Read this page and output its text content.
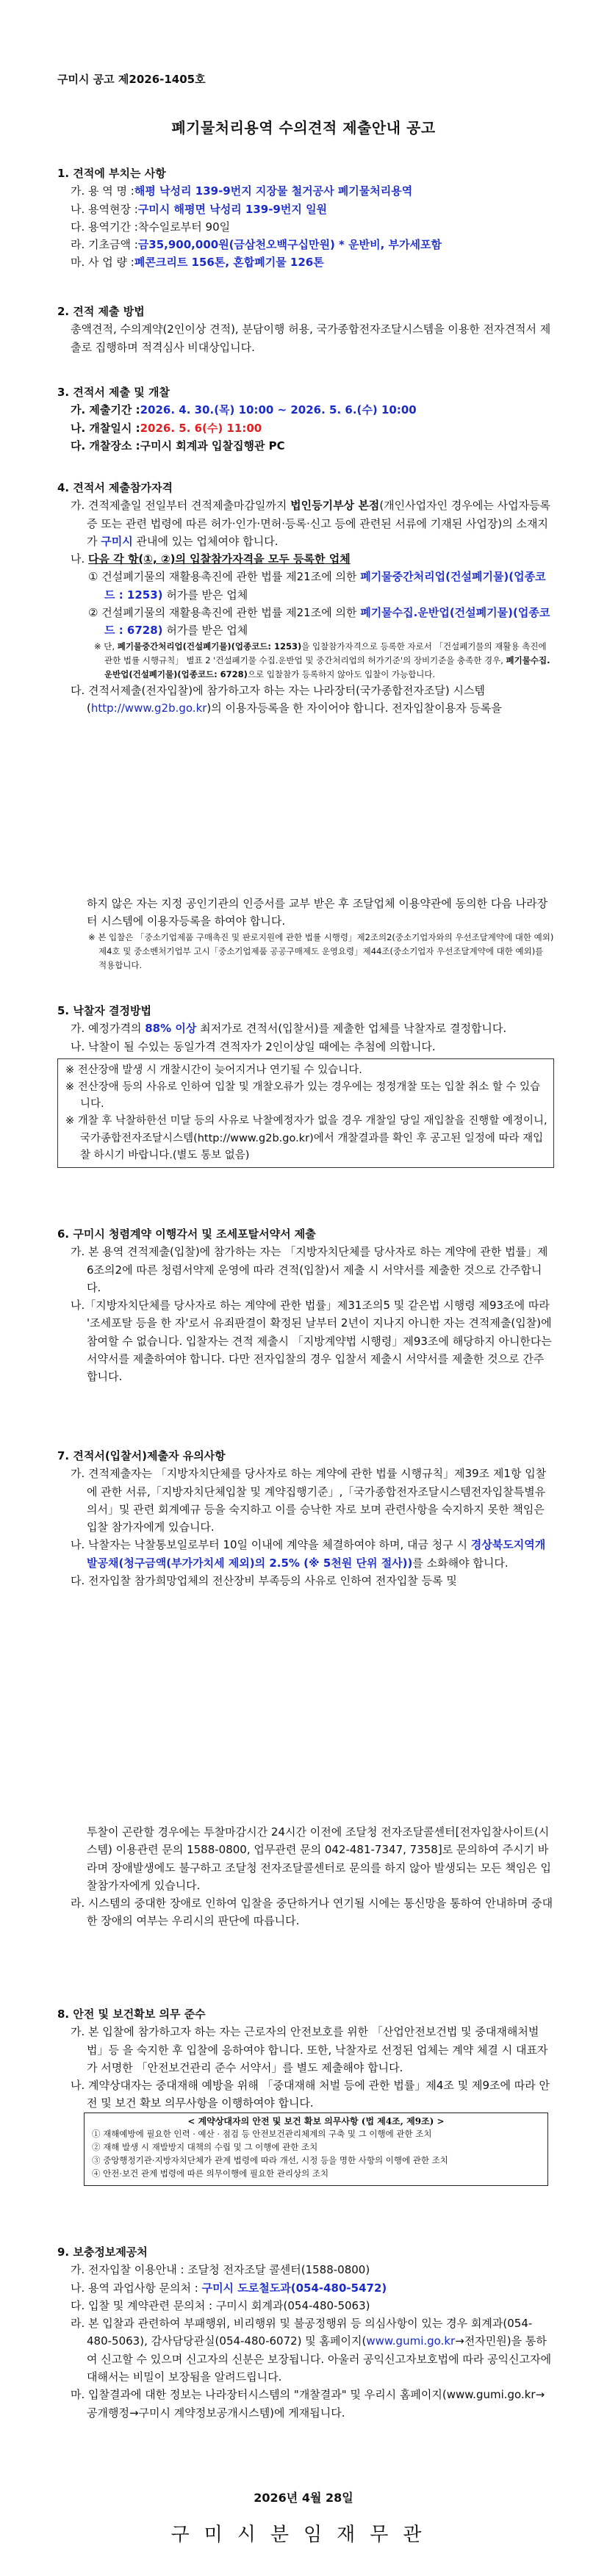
구미시 공고 제2026-1405호
폐기물처리용역 수의견적 제출안내 공고

1. 견적에 부치는 사항

가. 용 역 명 : 해평 낙성리 139-9번지 지장물 철거공사 폐기물처리용역
나. 용역현장 : 구미시 해평면 낙성리 139-9번지 일원
다. 용역기간 : 착수일로부터 90일
라. 기초금액 : 금35,900,000원(금삼천오백구십만원) * 운반비, 부가세포함
마. 사 업 량 : 폐콘크리트 156톤, 혼합폐기물 126톤

2. 견적 제출 방법

총액견적, 수의계약(2인이상 견적), 분담이행 허용, 국가종합전자조달시스템을 이용한 전자견적서 제출로 집행하며 적격심사 비대상입니다.

3. 견적서 제출 및 개찰

가. 제출기간 : 2026. 4. 30.(목) 10:00 ~ 2026. 5. 6.(수) 10:00
나. 개찰일시 : 2026. 5. 6(수) 11:00
다. 개찰장소 : 구미시 회계과 입찰집행관 PC

4. 견적서 제출참가자격

가. 견적제출일 전일부터 견적제출마감일까지 법인등기부상 본점(개인사업자인 경우에는 사업자등록증 또는 관련 법령에 따른 허가·인가·면허·등록·신고 등에 관련된 서류에 기재된 사업장)의 소재지가 구미시 관내에 있는 업체여야 합니다.
나. 다음 각 항(①, ②)의 입찰참가자격을 모두 등록한 업체
① 건설폐기물의 재활용촉진에 관한 법률 제21조에 의한 폐기물중간처리업(건설폐기물)(업종코드 : 1253) 허가를 받은 업체
② 건설폐기물의 재활용촉진에 관한 법률 제21조에 의한 폐기물수집.운반업(건설폐기물)(업종코드 : 6728) 허가를 받은 업체
※ 단, 폐기물중간처리업(건설폐기물)(업종코드: 1253)을 입찰참가자격으로 등록한 자로서 「건설폐기물의 재활용 촉진에 관한 법률 시행규칙」 별표 2 '건설폐기물 수집.운반업 및 중간처리업의 허가기준'의 장비기준을 충족한 경우, 폐기물수집.운반업(건설폐기물)(업종코드: 6728)으로 입찰참가 등록하지 않아도 입찰이 가능합니다.
다. 견적서제출(전자입찰)에 참가하고자 하는 자는 나라장터(국가종합전자조달) 시스템(http://www.g2b.go.kr)의 이용자등록을 한 자이어야 합니다. 전자입찰이용자 등록을
하지 않은 자는 지정 공인기관의 인증서를 교부 받은 후 조달업체 이용약관에 동의한 다음 나라장터 시스템에 이용자등록을 하여야 합니다.
※ 본 입찰은 「중소기업제품 구매촉진 및 판로지원에 관한 법률 시행령」제2조의2(중소기업자와의 우선조달계약에 대한 예외)제4호 및 중소벤처기업부 고시「중소기업제품 공공구매제도 운영요령」제44조(중소기업자 우선조달계약에 대한 예외)를 적용합니다.

5. 낙찰자 결정방법

가. 예정가격의 88% 이상 최저가로 견적서(입찰서)를 제출한 업체를 낙찰자로 결정합니다.
나. 낙찰이 될 수있는 동일가격 견적자가 2인이상일 때에는 추첨에 의합니다.
※ 전산장애 발생 시 개찰시간이 늦어지거나 연기될 수 있습니다.
※ 전산장애 등의 사유로 인하여 입찰 및 개찰오류가 있는 경우에는 정정개찰 또는 입찰 취소 할 수 있습니다.
※ 개찰 후 낙찰하한선 미달 등의 사유로 낙찰예정자가 없을 경우 개찰일 당일 재입찰을 진행할 예정이니, 국가종합전자조달시스템(http://www.g2b.go.kr)에서 개찰결과를 확인 후 공고된 일정에 따라 재입찰 하시기 바랍니다.(별도 통보 없음)

6. 구미시 청렴계약 이행각서 및 조세포탈서약서 제출

가. 본 용역 견적제출(입찰)에 참가하는 자는 「지방자치단체를 당사자로 하는 계약에 관한 법률」제6조의2에 따른 청렴서약제 운영에 따라 견적(입찰)서 제출 시 서약서를 제출한 것으로 간주합니다.
나.「지방자치단체를 당사자로 하는 계약에 관한 법률」제31조의5 및 같은법 시행령 제93조에 따라 '조세포탈 등을 한 자'로서 유죄판결이 확정된 날부터 2년이 지나지 아니한 자는 견적제출(입찰)에 참여할 수 없습니다. 입찰자는 견적 제출시 「지방계약법 시행령」제93조에 해당하지 아니한다는 서약서를 제출하여야 합니다. 다만 전자입찰의 경우 입찰서 제출시 서약서를 제출한 것으로 간주합니다.

7. 견적서(입찰서)제출자 유의사항

가. 견적제출자는 「지방자치단체를 당사자로 하는 계약에 관한 법률 시행규칙」제39조 제1항 입찰에 관한 서류,「지방자치단체입찰 및 계약집행기준」,「국가종합전자조달시스템전자입찰특별유의서」및 관련 회계예규 등을 숙지하고 이를 승낙한 자로 보며 관련사항을 숙지하지 못한 책임은 입찰 참가자에게 있습니다.
나. 낙찰자는 낙찰통보일로부터 10일 이내에 계약을 체결하여야 하며, 대금 청구 시 경상북도지역개발공채(청구금액(부가가치세 제외)의 2.5% (※ 5천원 단위 절사))를 소화해야 합니다.
다. 전자입찰 참가희망업체의 전산장비 부족등의 사유로 인하여 전자입찰 등록 및
투찰이 곤란할 경우에는 투찰마감시간 24시간 이전에 조달청 전자조달콜센터[전자입찰사이트(시스템) 이용관련 문의 1588-0800, 업무관련 문의 042-481-7347, 7358]로 문의하여 주시기 바라며 장애발생에도 불구하고 조달청 전자조달콜센터로 문의를 하지 않아 발생되는 모든 책임은 입찰참가자에게 있습니다.
라. 시스템의 중대한 장애로 인하여 입찰을 중단하거나 연기될 시에는 통신망을 통하여 안내하며 중대한 장애의 여부는 우리시의 판단에 따릅니다.

8. 안전 및 보건확보 의무 준수

가. 본 입찰에 참가하고자 하는 자는 근로자의 안전보호를 위한 「산업안전보건법 및 중대재해처벌법」등 을 숙지한 후 입찰에 응하여야 합니다. 또한, 낙찰자로 선정된 업체는 계약 체결 시 대표자가 서명한 「안전보건관리 준수 서약서」를 별도 제출해야 합니다.
나. 계약상대자는 중대재해 예방을 위해 「중대재해 처벌 등에 관한 법률」제4조 및 제9조에 따라 안전 및 보건 확보 의무사항을 이행하여야 합니다.
< 계약상대자의 안전 및 보건 확보 의무사항 (법 제4조, 제9조) >
① 재해예방에 필요한 인력 · 예산 · 점검 등 안전보건관리체계의 구축 및 그 이행에 관한 조치
② 재해 발생 시 재발방지 대책의 수립 및 그 이행에 관한 조치
③ 중앙행정기관·지방자치단체가 관계 법령에 따라 개선, 시정 등을 명한 사항의 이행에 관한 조치
④ 안전·보건 관계 법령에 따른 의무이행에 필요한 관리상의 조치

9. 보충정보제공처

가. 전자입찰 이용안내 : 조달청 전자조달 콜센터(1588-0800)
나. 용역 과업사항 문의처 : 구미시 도로철도과(054-480-5472)
다. 입찰 및 계약관련 문의처 : 구미시 회계과(054-480-5063)
라. 본 입찰과 관련하여 부패행위, 비리행위 및 불공정행위 등 의심사항이 있는 경우 회계과(054-480-5063), 감사담당관실(054-480-6072) 및 홈페이지(www.gumi.go.kr→전자민원)을 통하여 신고할 수 있으며 신고자의 신분은 보장됩니다. 아울러 공익신고자보호법에 따라 공익신고자에 대해서는 비밀이 보장됨을 알려드립니다.
마. 입찰결과에 대한 정보는 나라장터시스템의 "개찰결과" 및 우리시 홈페이지(www.gumi.go.kr→공개행정→구미시 계약정보공개시스템)에 게재됩니다.
2026년 4월 28일
구미시분임재무관
